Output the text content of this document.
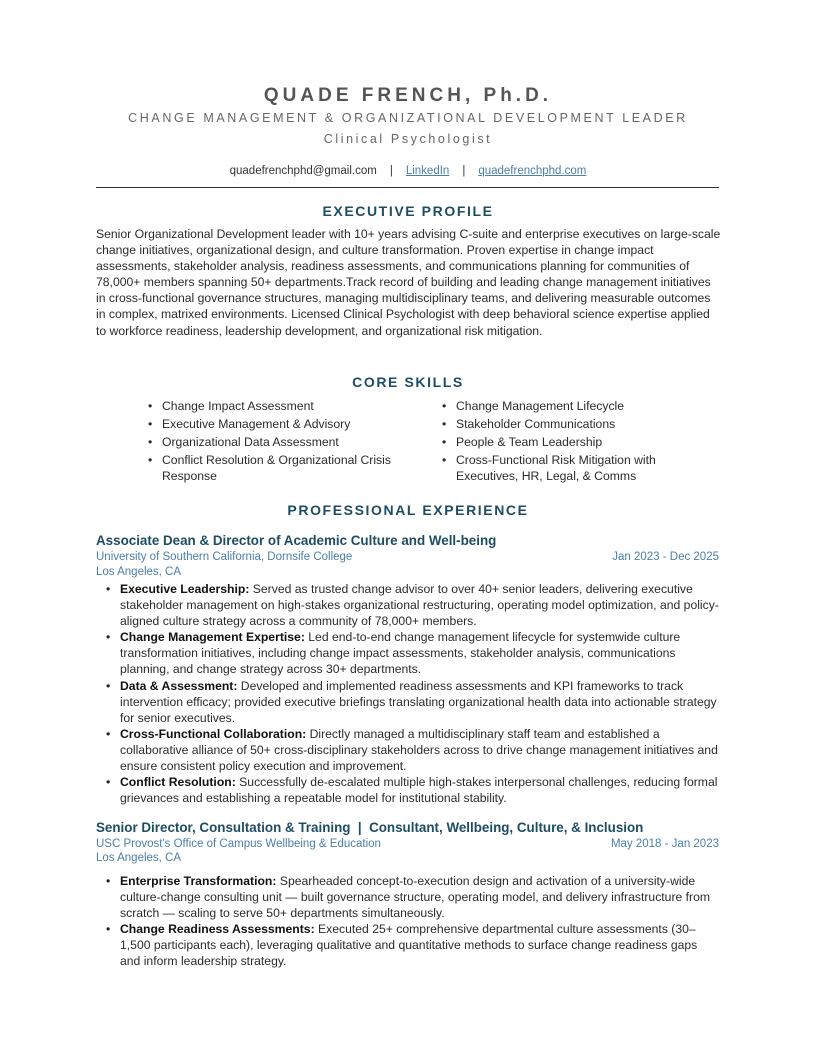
QUADE FRENCH, Ph.D.
CHANGE MANAGEMENT & ORGANIZATIONAL DEVELOPMENT LEADER
Clinical Psychologist
quadefrenchphd@gmail.com | LinkedIn | quadefrenchphd.com
EXECUTIVE PROFILE
Senior Organizational Development leader with 10+ years advising C-suite and enterprise executives on large-scale change initiatives, organizational design, and culture transformation. Proven expertise in change impact assessments, stakeholder analysis, readiness assessments, and communications planning for communities of 78,000+ members spanning 50+ departments.Track record of building and leading change management initiatives in cross-functional governance structures, managing multidisciplinary teams, and delivering measurable outcomes in complex, matrixed environments. Licensed Clinical Psychologist with deep behavioral science expertise applied to workforce readiness, leadership development, and organizational risk mitigation.
CORE SKILLS
• Change Impact Assessment
• Executive Management & Advisory
• Organizational Data Assessment
• Conflict Resolution & Organizational Crisis Response
• Change Management Lifecycle
• Stakeholder Communications
• People & Team Leadership
• Cross-Functional Risk Mitigation with Executives, HR, Legal, & Comms
PROFESSIONAL EXPERIENCE
Associate Dean & Director of Academic Culture and Well-being
University of Southern California, Dornsife College	Jan 2023 - Dec 2025
Los Angeles, CA
• Executive Leadership: Served as trusted change advisor to over 40+ senior leaders, delivering executive stakeholder management on high-stakes organizational restructuring, operating model optimization, and policy-aligned culture strategy across a community of 78,000+ members.
• Change Management Expertise: Led end-to-end change management lifecycle for systemwide culture transformation initiatives, including change impact assessments, stakeholder analysis, communications planning, and change strategy across 30+ departments.
• Data & Assessment: Developed and implemented readiness assessments and KPI frameworks to track intervention efficacy; provided executive briefings translating organizational health data into actionable strategy for senior executives.
• Cross-Functional Collaboration: Directly managed a multidisciplinary staff team and established a collaborative alliance of 50+ cross-disciplinary stakeholders across to drive change management initiatives and ensure consistent policy execution and improvement.
• Conflict Resolution: Successfully de-escalated multiple high-stakes interpersonal challenges, reducing formal grievances and establishing a repeatable model for institutional stability.
Senior Director, Consultation & Training  |  Consultant, Wellbeing, Culture, & Inclusion
USC Provost's Office of Campus Wellbeing & Education	May 2018 - Jan 2023
Los Angeles, CA
• Enterprise Transformation: Spearheaded concept-to-execution design and activation of a university-wide culture-change consulting unit — built governance structure, operating model, and delivery infrastructure from scratch — scaling to serve 50+ departments simultaneously.
• Change Readiness Assessments: Executed 25+ comprehensive departmental culture assessments (30–1,500 participants each), leveraging qualitative and quantitative methods to surface change readiness gaps and inform leadership strategy.
